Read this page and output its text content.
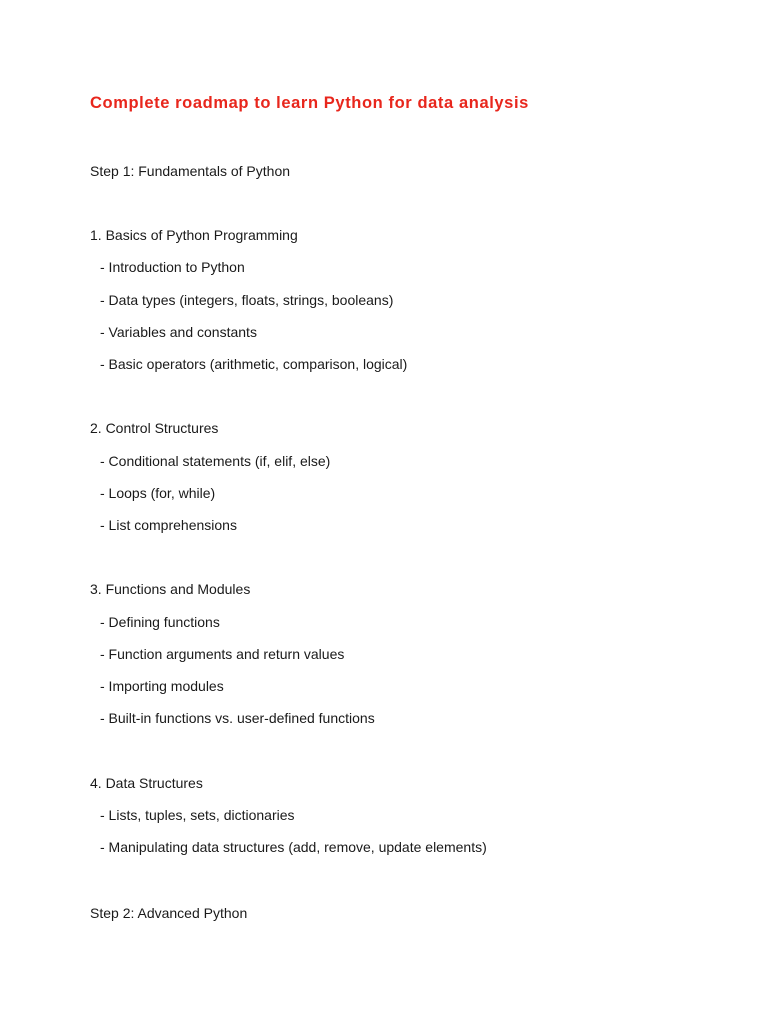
Complete roadmap to learn Python for data analysis
Step 1: Fundamentals of Python
1. Basics of Python Programming
- Introduction to Python
- Data types (integers, floats, strings, booleans)
- Variables and constants
- Basic operators (arithmetic, comparison, logical)
2. Control Structures
- Conditional statements (if, elif, else)
- Loops (for, while)
- List comprehensions
3. Functions and Modules
- Defining functions
- Function arguments and return values
- Importing modules
- Built-in functions vs. user-defined functions
4. Data Structures
- Lists, tuples, sets, dictionaries
- Manipulating data structures (add, remove, update elements)
Step 2: Advanced Python
